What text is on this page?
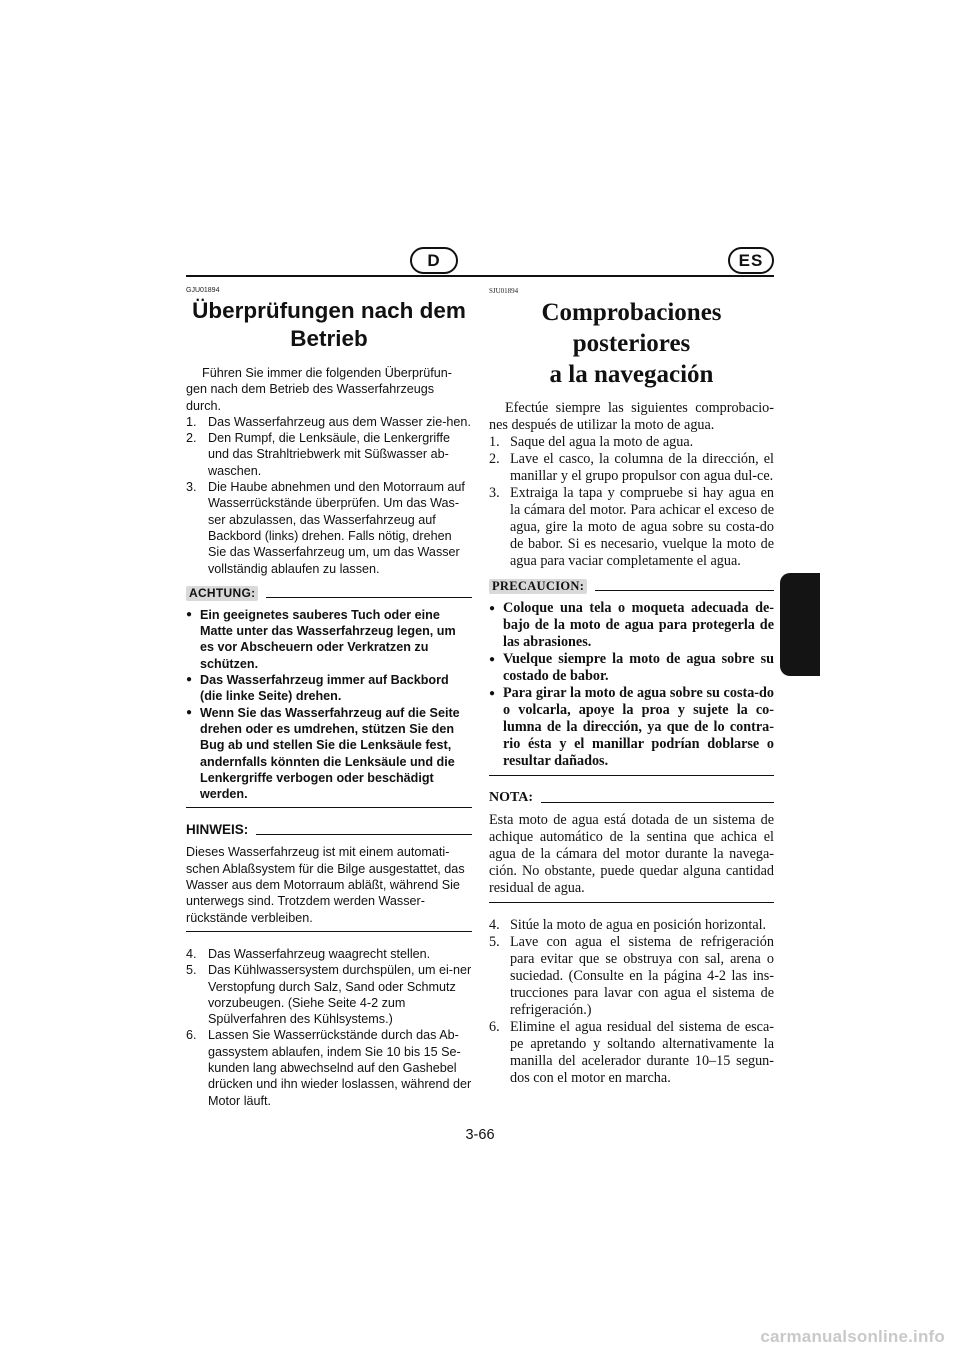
D	ES
GJU01894
Überprüfungen nach dem
Betrieb

Führen Sie immer die folgenden Überprüfun-gen nach dem Betrieb des Wasserfahrzeugs durch.

1. Das Wasserfahrzeug aus dem Wasser zie-hen.
2. Den Rumpf, die Lenksäule, die Lenkergriffe und das Strahltriebwerk mit Süßwasser ab-waschen.
3. Die Haube abnehmen und den Motorraum auf Wasserrückstände überprüfen. Um das Was-ser abzulassen, das Wasserfahrzeug auf Backbord (links) drehen. Falls nötig, drehen Sie das Wasserfahrzeug um, um das Wasser vollständig ablaufen zu lassen.
ACHTUNG:
● Ein geeignetes sauberes Tuch oder eine Matte unter das Wasserfahrzeug legen, um es vor Abscheuern oder Verkratzen zu schützen.
● Das Wasserfahrzeug immer auf Backbord (die linke Seite) drehen.
● Wenn Sie das Wasserfahrzeug auf die Seite drehen oder es umdrehen, stützen Sie den Bug ab und stellen Sie die Lenksäule fest, andernfalls könnten die Lenksäule und die Lenkergriffe verbogen oder beschädigt werden.
HINWEIS:

Dieses Wasserfahrzeug ist mit einem automati-schen Ablaßsystem für die Bilge ausgestattet, das Wasser aus dem Motorraum abläßt, während Sie unterwegs sind. Trotzdem werden Wasser-rückstände verbleiben.

4. Das Wasserfahrzeug waagrecht stellen.
5. Das Kühlwassersystem durchspülen, um ei-ner Verstopfung durch Salz, Sand oder Schmutz vorzubeugen. (Siehe Seite 4-2 zum Spülverfahren des Kühlsystems.)
6. Lassen Sie Wasserrückstände durch das Ab-gassystem ablaufen, indem Sie 10 bis 15 Se-kunden lang abwechselnd auf den Gashebel drücken und ihn wieder loslassen, während der Motor läuft.
SJU01894
Comprobaciones posteriores
a la navegación

Efectúe siempre las siguientes comprobacio-nes después de utilizar la moto de agua.

1. Saque del agua la moto de agua.
2. Lave el casco, la columna de la dirección, el manillar y el grupo propulsor con agua dul-ce.
3. Extraiga la tapa y compruebe si hay agua en la cámara del motor. Para achicar el exceso de agua, gire la moto de agua sobre su costa-do de babor. Si es necesario, vuelque la moto de agua para vaciar completamente el agua.
PRECAUCION:
● Coloque una tela o moqueta adecuada de-bajo de la moto de agua para protegerla de las abrasiones.
● Vuelque siempre la moto de agua sobre su costado de babor.
● Para girar la moto de agua sobre su costa-do o volcarla, apoye la proa y sujete la co-lumna de la dirección, ya que de lo contra-rio ésta y el manillar podrían doblarse o resultar dañados.
NOTA:

Esta moto de agua está dotada de un sistema de achique automático de la sentina que achica el agua de la cámara del motor durante la navega-ción. No obstante, puede quedar alguna cantidad residual de agua.

4. Sitúe la moto de agua en posición horizontal.
5. Lave con agua el sistema de refrigeración para evitar que se obstruya con sal, arena o suciedad. (Consulte en la página 4-2 las ins-trucciones para lavar con agua el sistema de refrigeración.)
6. Elimine el agua residual del sistema de esca-pe apretando y soltando alternativamente la manilla del acelerador durante 10–15 segun-dos con el motor en marcha.
3-66
carmanualsonline.info
